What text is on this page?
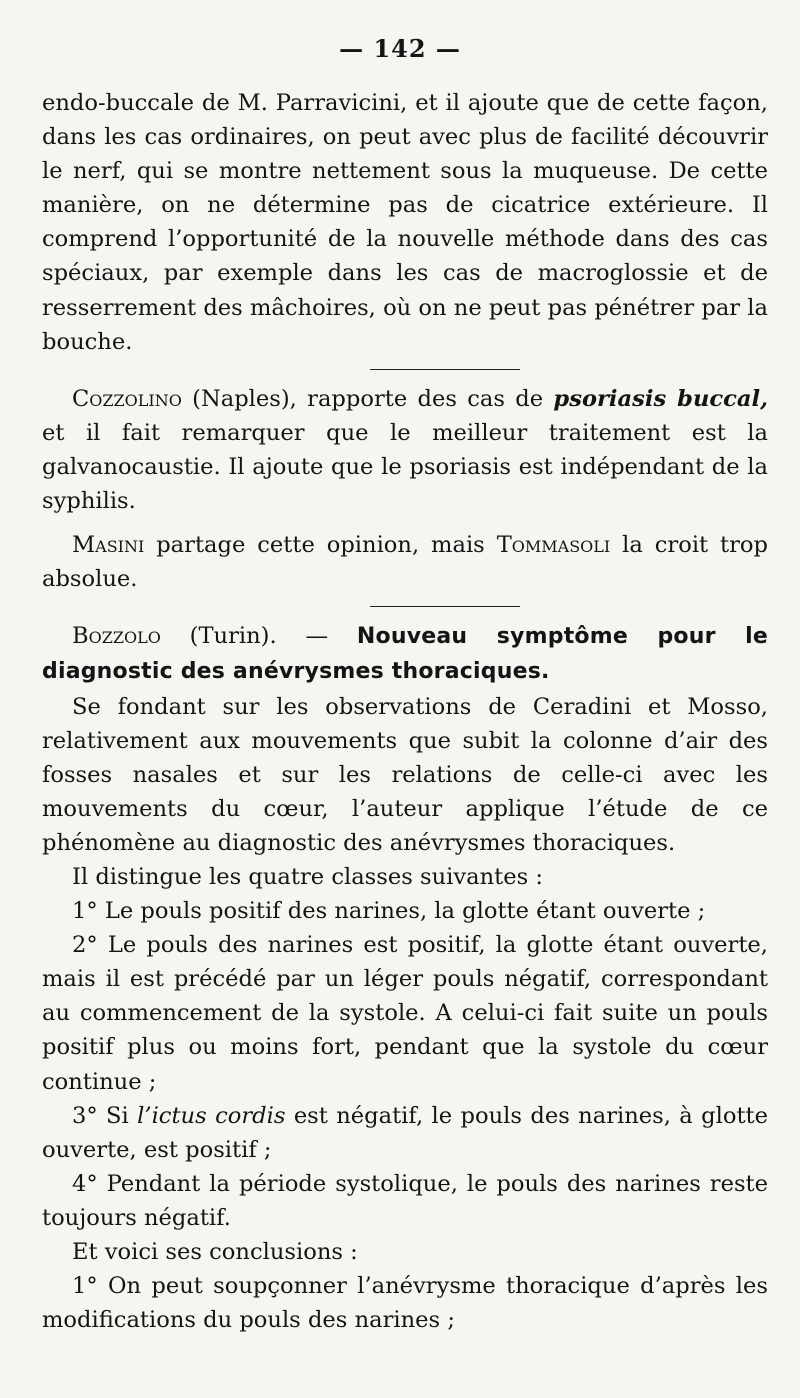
— 142 —

endo-buccale de M. Parravicini, et il ajoute que de cette façon, dans les cas ordinaires, on peut avec plus de facilité découvrir le nerf, qui se montre nettement sous la muqueuse. De cette manière, on ne détermine pas de cicatrice extérieure. Il comprend l’opportunité de la nouvelle méthode dans des cas spéciaux, par exemple dans les cas de macroglossie et de resserrement des mâchoires, où on ne peut pas pénétrer par la bouche.

Cozzolino (Naples), rapporte des cas de psoriasis buccal, et il fait remarquer que le meilleur traitement est la galvanocaustie. Il ajoute que le psoriasis est indépendant de la syphilis.

Masini partage cette opinion, mais Tommasoli la croit trop absolue.

Bozzolo (Turin). — Nouveau symptôme pour le diagnostic des anévrysmes thoraciques.

Se fondant sur les observations de Ceradini et Mosso, relativement aux mouvements que subit la colonne d’air des fosses nasales et sur les relations de celle-ci avec les mouvements du cœur, l’auteur applique l’étude de ce phénomène au diagnostic des anévrysmes thoraciques.

Il distingue les quatre classes suivantes :

1° Le pouls positif des narines, la glotte étant ouverte ;

2° Le pouls des narines est positif, la glotte étant ouverte, mais il est précédé par un léger pouls négatif, correspondant au commencement de la systole. A celui-ci fait suite un pouls positif plus ou moins fort, pendant que la systole du cœur continue ;

3° Si l’ictus cordis est négatif, le pouls des narines, à glotte ouverte, est positif ;

4° Pendant la période systolique, le pouls des narines reste toujours négatif.

Et voici ses conclusions :

1° On peut soupçonner l’anévrysme thoracique d’après les modifications du pouls des narines ;
